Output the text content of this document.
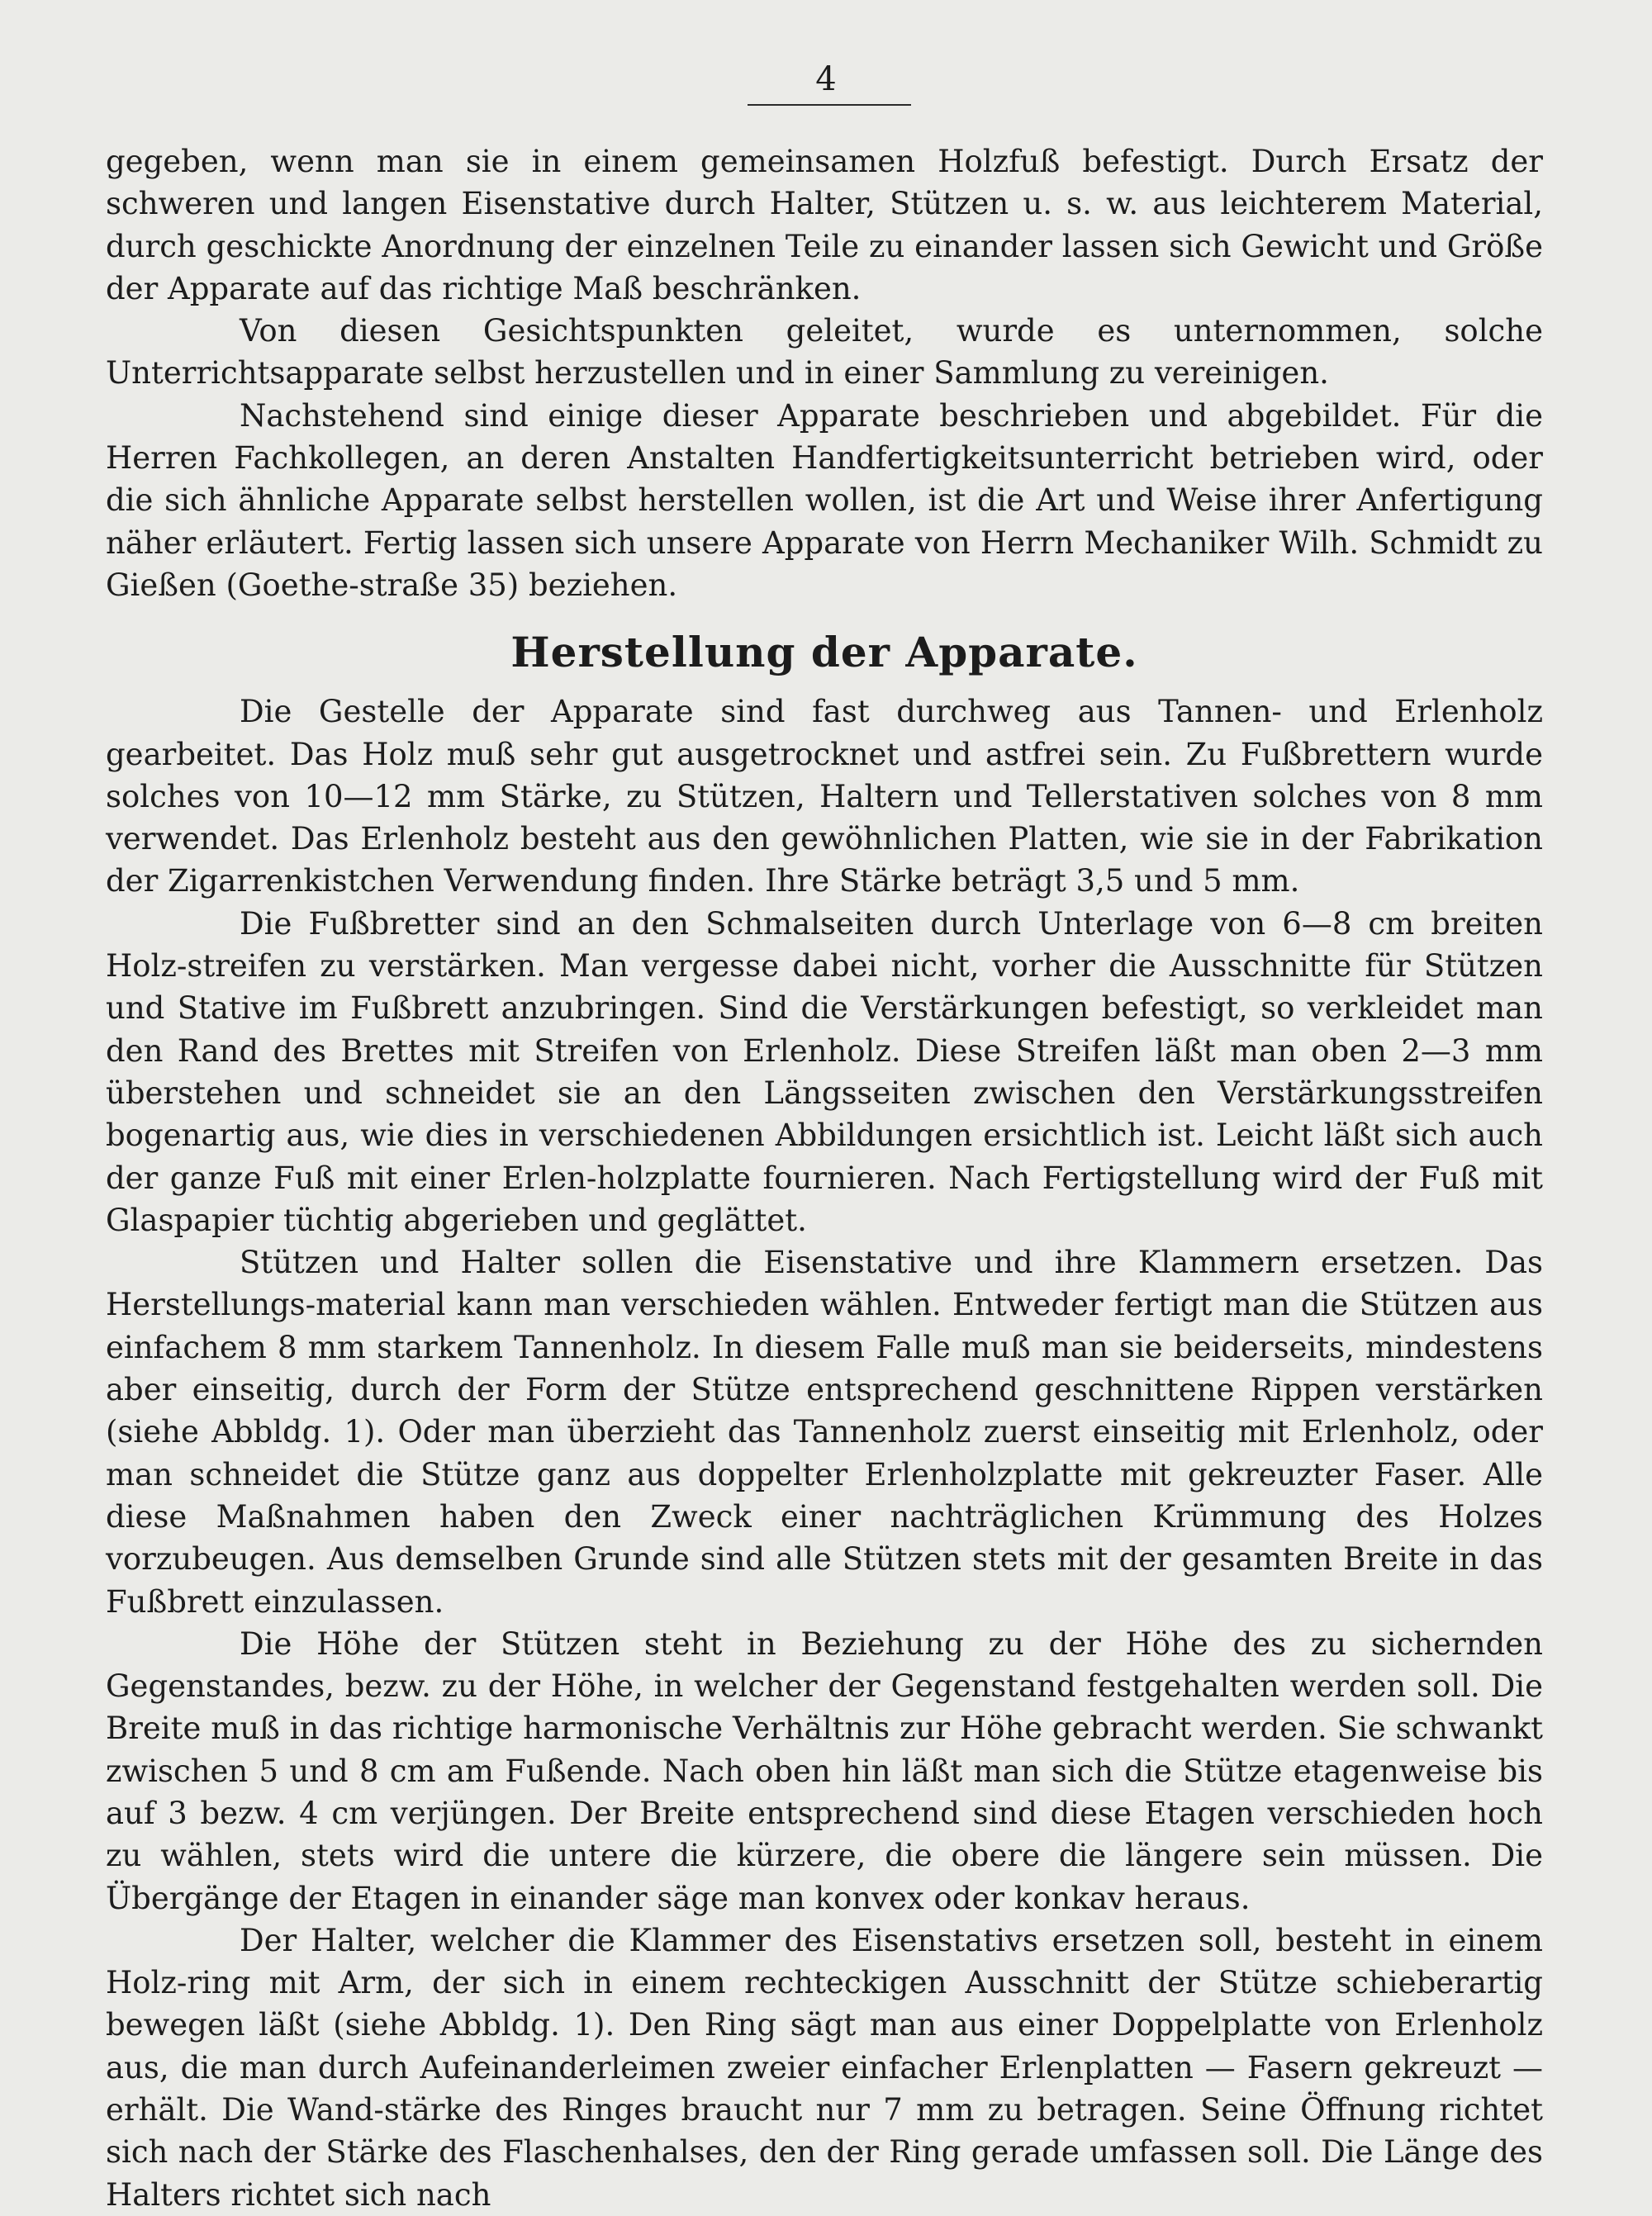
4

gegeben, wenn man sie in einem gemeinsamen Holzfuß befestigt. Durch Ersatz der schweren und langen Eisenstative durch Halter, Stützen u. s. w. aus leichterem Material, durch geschickte Anordnung der einzelnen Teile zu einander lassen sich Gewicht und Größe der Apparate auf das richtige Maß beschränken.

Von diesen Gesichtspunkten geleitet, wurde es unternommen, solche Unterrichtsapparate selbst herzustellen und in einer Sammlung zu vereinigen.

Nachstehend sind einige dieser Apparate beschrieben und abgebildet. Für die Herren Fachkollegen, an deren Anstalten Handfertigkeitsunterricht betrieben wird, oder die sich ähnliche Apparate selbst herstellen wollen, ist die Art und Weise ihrer Anfertigung näher erläutert. Fertig lassen sich unsere Apparate von Herrn Mechaniker Wilh. Schmidt zu Gießen (Goethe-straße 35) beziehen.

Herstellung der Apparate.

Die Gestelle der Apparate sind fast durchweg aus Tannen- und Erlenholz gearbeitet. Das Holz muß sehr gut ausgetrocknet und astfrei sein. Zu Fußbrettern wurde solches von 10—12 mm Stärke, zu Stützen, Haltern und Tellerstativen solches von 8 mm verwendet. Das Erlenholz besteht aus den gewöhnlichen Platten, wie sie in der Fabrikation der Zigarrenkistchen Verwendung finden. Ihre Stärke beträgt 3,5 und 5 mm.

Die Fußbretter sind an den Schmalseiten durch Unterlage von 6—8 cm breiten Holz-streifen zu verstärken. Man vergesse dabei nicht, vorher die Ausschnitte für Stützen und Stative im Fußbrett anzubringen. Sind die Verstärkungen befestigt, so verkleidet man den Rand des Brettes mit Streifen von Erlenholz. Diese Streifen läßt man oben 2—3 mm überstehen und schneidet sie an den Längsseiten zwischen den Verstärkungsstreifen bogenartig aus, wie dies in verschiedenen Abbildungen ersichtlich ist. Leicht läßt sich auch der ganze Fuß mit einer Erlen-holzplatte fournieren. Nach Fertigstellung wird der Fuß mit Glaspapier tüchtig abgerieben und geglättet.

Stützen und Halter sollen die Eisenstative und ihre Klammern ersetzen. Das Herstellungs-material kann man verschieden wählen. Entweder fertigt man die Stützen aus einfachem 8 mm starkem Tannenholz. In diesem Falle muß man sie beiderseits, mindestens aber einseitig, durch der Form der Stütze entsprechend geschnittene Rippen verstärken (siehe Abbldg. 1). Oder man überzieht das Tannenholz zuerst einseitig mit Erlenholz, oder man schneidet die Stütze ganz aus doppelter Erlenholzplatte mit gekreuzter Faser. Alle diese Maßnahmen haben den Zweck einer nachträglichen Krümmung des Holzes vorzubeugen. Aus demselben Grunde sind alle Stützen stets mit der gesamten Breite in das Fußbrett einzulassen.

Die Höhe der Stützen steht in Beziehung zu der Höhe des zu sichernden Gegenstandes, bezw. zu der Höhe, in welcher der Gegenstand festgehalten werden soll. Die Breite muß in das richtige harmonische Verhältnis zur Höhe gebracht werden. Sie schwankt zwischen 5 und 8 cm am Fußende. Nach oben hin läßt man sich die Stütze etagenweise bis auf 3 bezw. 4 cm verjüngen. Der Breite entsprechend sind diese Etagen verschieden hoch zu wählen, stets wird die untere die kürzere, die obere die längere sein müssen. Die Übergänge der Etagen in einander säge man konvex oder konkav heraus.

Der Halter, welcher die Klammer des Eisenstativs ersetzen soll, besteht in einem Holz-ring mit Arm, der sich in einem rechteckigen Ausschnitt der Stütze schieberartig bewegen läßt (siehe Abbldg. 1). Den Ring sägt man aus einer Doppelplatte von Erlenholz aus, die man durch Aufeinanderleimen zweier einfacher Erlenplatten — Fasern gekreuzt — erhält. Die Wand-stärke des Ringes braucht nur 7 mm zu betragen. Seine Öffnung richtet sich nach der Stärke des Flaschenhalses, den der Ring gerade umfassen soll. Die Länge des Halters richtet sich nach
